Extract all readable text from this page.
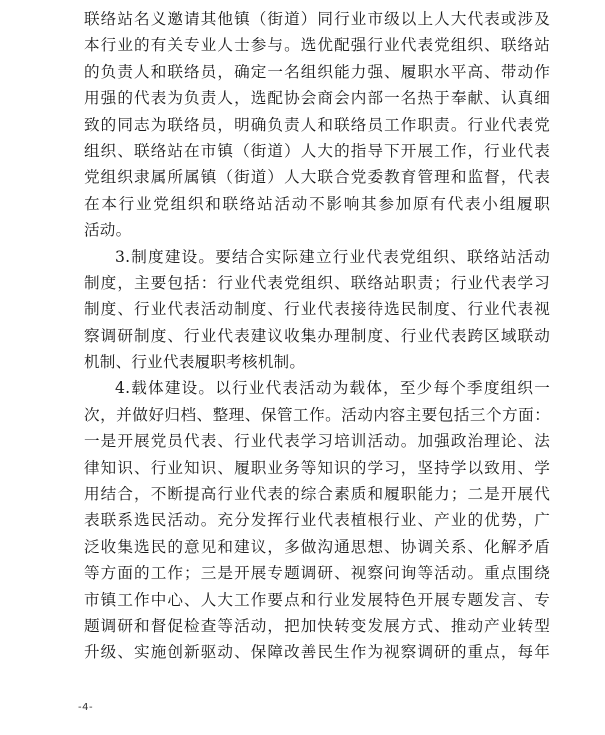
联络站名义邀请其他镇（街道）同行业市级以上人大代表或涉及
本行业的有关专业人士参与。选优配强行业代表党组织、联络站
的负责人和联络员，确定一名组织能力强、履职水平高、带动作
用强的代表为负责人，选配协会商会内部一名热于奉献、认真细
致的同志为联络员，明确负责人和联络员工作职责。行业代表党
组织、联络站在市镇（街道）人大的指导下开展工作，行业代表
党组织隶属所属镇（街道）人大联合党委教育管理和监督，代表
在本行业党组织和联络站活动不影响其参加原有代表小组履职
活动。
3.制度建设。要结合实际建立行业代表党组织、联络站活动
制度，主要包括：行业代表党组织、联络站职责；行业代表学习
制度、行业代表活动制度、行业代表接待选民制度、行业代表视
察调研制度、行业代表建议收集办理制度、行业代表跨区域联动
机制、行业代表履职考核机制。
4.载体建设。以行业代表活动为载体，至少每个季度组织一
次，并做好归档、整理、保管工作。活动内容主要包括三个方面：
一是开展党员代表、行业代表学习培训活动。加强政治理论、法
律知识、行业知识、履职业务等知识的学习，坚持学以致用、学
用结合，不断提高行业代表的综合素质和履职能力；二是开展代
表联系选民活动。充分发挥行业代表植根行业、产业的优势，广
泛收集选民的意见和建议，多做沟通思想、协调关系、化解矛盾
等方面的工作；三是开展专题调研、视察问询等活动。重点围绕
市镇工作中心、人大工作要点和行业发展特色开展专题发言、专
题调研和督促检查等活动，把加快转变发展方式、推动产业转型
升级、实施创新驱动、保障改善民生作为视察调研的重点，每年
-4-
